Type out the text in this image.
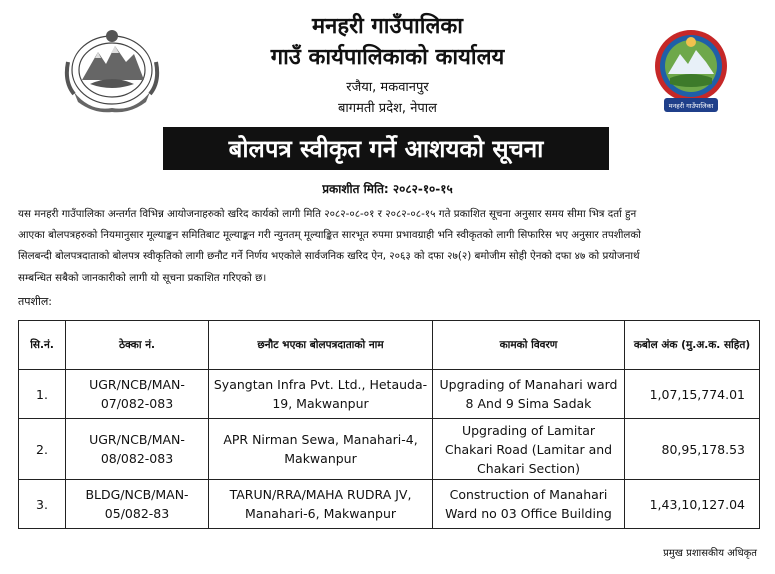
मनहरी गाउँपालिका
मनहरी गाउँपालिका
गाउँ कार्यपालिकाको कार्यालय
रजैया, मकवानपुर
बागमती प्रदेश, नेपाल
बोलपत्र स्वीकृत गर्ने आशयको सूचना
प्रकाशीत मिति: २०८२-१०-१५
यस मनहरी गाउँपालिका अन्तर्गत विभिन्न आयोजनाहरुको खरिद कार्यको लागी मिति २०८२-०८-०१ र २०८२-०८-१५ गते प्रकाशित सूचना अनुसार समय सीमा भित्र दर्ता हुन
आएका बोलपत्रहरुको नियमानुसार मूल्याङ्कन समितिबाट मूल्याङ्कन गरी न्युनतम् मूल्याङ्कित सारभूत रुपमा प्रभावग्राही भनि स्वीकृतको लागी सिफारिस भए अनुसार तपशीलको
सिलबन्दी बोलपत्रदाताको बोलपत्र स्वीकृतिको लागी छनौट गर्ने निर्णय भएकोले सार्वजनिक खरिद ऐन, २०६३ को दफा २७(२) बमोजीम सोही ऐनको दफा ४७ को प्रयोजनार्थ
सम्बन्धित सबैको जानकारीको लागी यो सूचना प्रकाशित गरिएको छ।
तपशील:
सि.नं.	ठेक्का नं.	छनौट भएका बोलपत्रदाताको नाम	कामको विवरण	कबोल अंक (मु.अ.क. सहित)
1.	UGR/NCB/MAN-07/082-083	Syangtan Infra Pvt. Ltd., Hetauda-19, Makwanpur	Upgrading of Manahari ward 8 And 9 Sima Sadak	1,07,15,774.01
2.	UGR/NCB/MAN-08/082-083	APR Nirman Sewa, Manahari-4, Makwanpur	Upgrading of Lamitar Chakari Road (Lamitar and Chakari Section)	80,95,178.53
3.	BLDG/NCB/MAN-05/082-83	TARUN/RRA/MAHA RUDRA JV, Manahari-6, Makwanpur	Construction of Manahari Ward no 03 Office Building	1,43,10,127.04
प्रमुख प्रशासकीय अधिकृत
